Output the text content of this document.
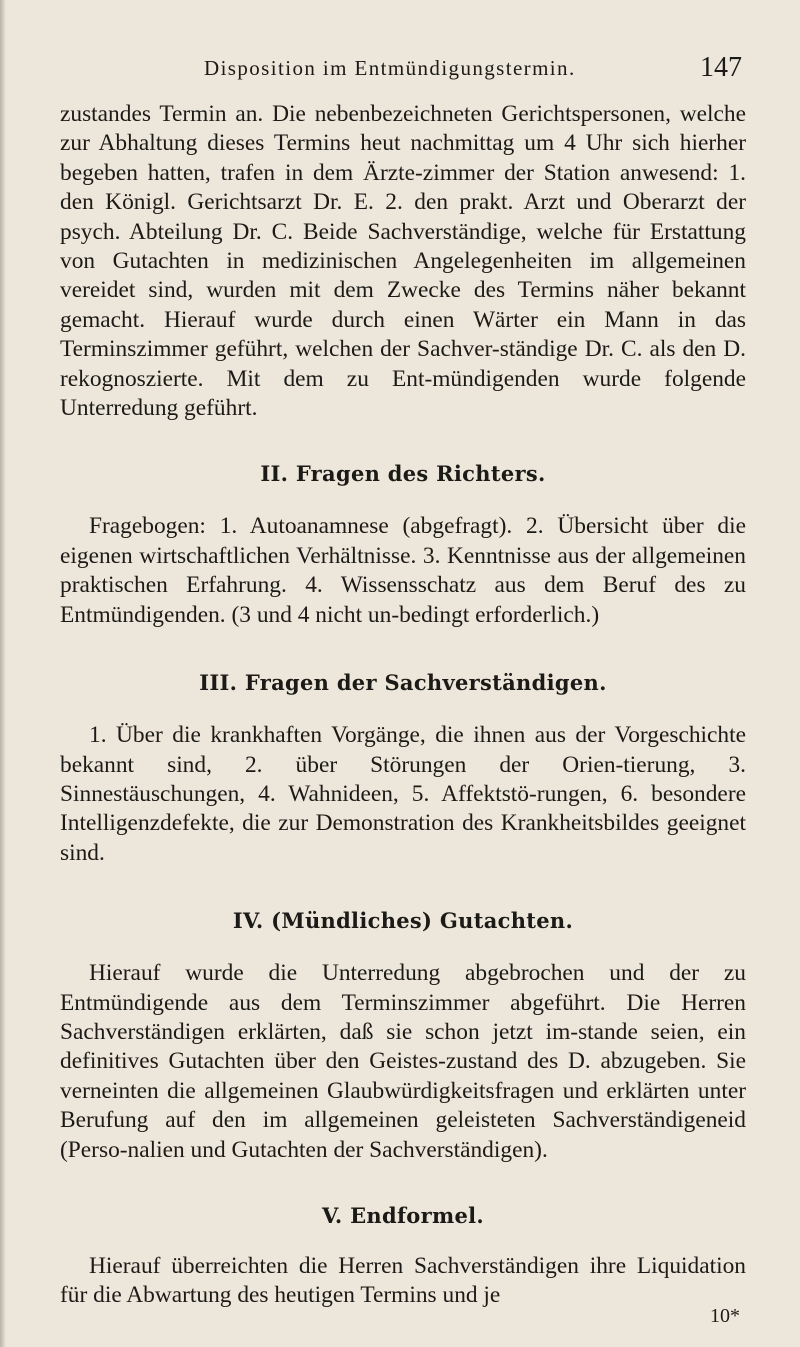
Disposition im Entmündigungstermin.	147

zustandes Termin an. Die nebenbezeichneten Gerichtspersonen, welche zur Abhaltung dieses Termins heut nachmittag um 4 Uhr sich hierher begeben hatten, trafen in dem Ärzte-zimmer der Station anwesend: 1. den Königl. Gerichtsarzt Dr. E. 2. den prakt. Arzt und Oberarzt der psych. Abteilung Dr. C. Beide Sachverständige, welche für Erstattung von Gutachten in medizinischen Angelegenheiten im allgemeinen vereidet sind, wurden mit dem Zwecke des Termins näher bekannt gemacht. Hierauf wurde durch einen Wärter ein Mann in das Terminszimmer geführt, welchen der Sachver-ständige Dr. C. als den D. rekognoszierte. Mit dem zu Ent-mündigenden wurde folgende Unterredung geführt.

II. Fragen des Richters.

Fragebogen: 1. Autoanamnese (abgefragt). 2. Übersicht über die eigenen wirtschaftlichen Verhältnisse. 3. Kenntnisse aus der allgemeinen praktischen Erfahrung. 4. Wissensschatz aus dem Beruf des zu Entmündigenden. (3 und 4 nicht un-bedingt erforderlich.)

III. Fragen der Sachverständigen.

1. Über die krankhaften Vorgänge, die ihnen aus der Vorgeschichte bekannt sind, 2. über Störungen der Orien-tierung, 3. Sinnestäuschungen, 4. Wahnideen, 5. Affektstö-rungen, 6. besondere Intelligenzdefekte, die zur Demonstration des Krankheitsbildes geeignet sind.

IV. (Mündliches) Gutachten.

Hierauf wurde die Unterredung abgebrochen und der zu Entmündigende aus dem Terminszimmer abgeführt. Die Herren Sachverständigen erklärten, daß sie schon jetzt im-stande seien, ein definitives Gutachten über den Geistes-zustand des D. abzugeben. Sie verneinten die allgemeinen Glaubwürdigkeitsfragen und erklärten unter Berufung auf den im allgemeinen geleisteten Sachverständigeneid (Perso-nalien und Gutachten der Sachverständigen).

V. Endformel.

Hierauf überreichten die Herren Sachverständigen ihre Liquidation für die Abwartung des heutigen Termins und je

10*
